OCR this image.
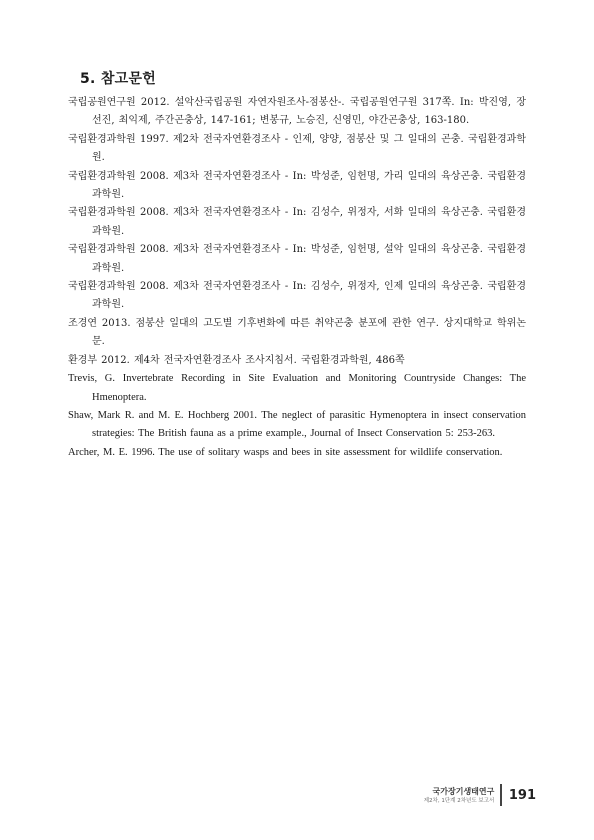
5. 참고문헌
국립공원연구원 2012. 설악산국립공원 자연자원조사-점봉산-. 국립공원연구원 317쪽. In: 박진영, 장선진, 최익제, 주간곤충상, 147-161; 변봉규, 노승진, 신영민, 야간곤충상, 163-180.
국립환경과학원 1997. 제2차 전국자연환경조사 - 인제, 양양, 점봉산 및 그 일대의 곤충. 국립환경과학원.
국립환경과학원 2008. 제3차 전국자연환경조사 - In: 박성준, 임헌명, 가리 일대의 육상곤충. 국립환경과학원.
국립환경과학원 2008. 제3차 전국자연환경조사 - In: 김성수, 위정자, 서화 일대의 육상곤충. 국립환경과학원.
국립환경과학원 2008. 제3차 전국자연환경조사 - In: 박성준, 임헌명, 설악 일대의 육상곤충. 국립환경과학원.
국립환경과학원 2008. 제3차 전국자연환경조사 - In: 김성수, 위정자, 인제 일대의 육상곤충. 국립환경과학원.
조경연 2013. 점봉산 일대의 고도별 기후변화에 따른 취약곤충 분포에 관한 연구. 상지대학교 학위논문.
환경부 2012. 제4차 전국자연환경조사 조사지침서. 국립환경과학원, 486쪽
Trevis, G. Invertebrate Recording in Site Evaluation and Monitoring Countryside Changes: The Hmenoptera.
Shaw, Mark R. and M. E. Hochberg 2001. The neglect of parasitic Hymenoptera in insect conservation strategies: The British fauna as a prime example., Journal of Insect Conservation 5: 253-263.
Archer, M. E. 1996. The use of solitary wasps and bees in site assessment for wildlife conservation.
국가장기생태연구
제2차, 1단계 2차년도 보고서 191
